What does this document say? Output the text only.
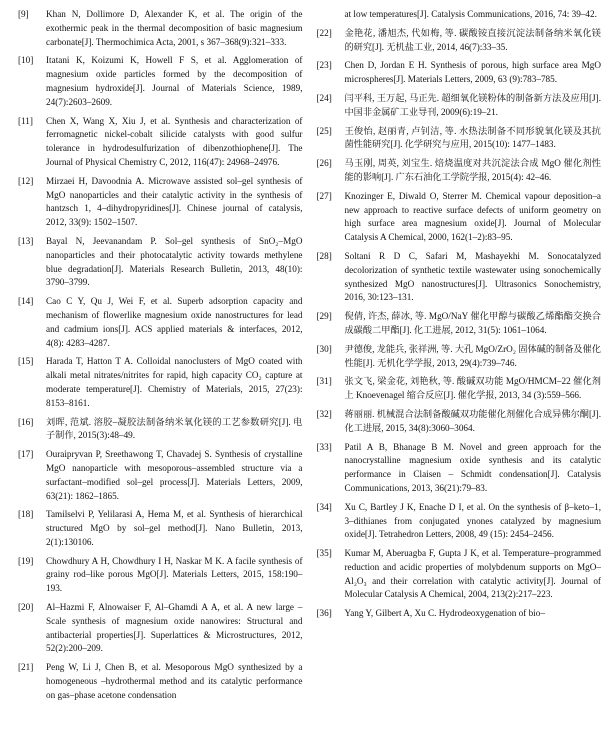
[9]	Khan N, Dollimore D, Alexander K, et al. The origin of the exothermic peak in the thermal decomposition of basic magnesium carbonate[J]. Thermochimica Acta, 2001, s 367–368(9):321–333.
[10]	Itatani K, Koizumi K, Howell F S, et al. Agglomeration of magnesium oxide particles formed by the decomposition of magnesium hydroxide[J]. Journal of Materials Science, 1989, 24(7):2603–2609.
[11]	Chen X, Wang X, Xiu J, et al. Synthesis and characterization of ferromagnetic nickel-cobalt silicide catalysts with good sulfur tolerance in hydrodesulfurization of dibenzothiophene[J]. The Journal of Physical Chemistry C, 2012, 116(47): 24968–24976.
[12]	Mirzaei H, Davoodnia A. Microwave assisted sol–gel synthesis of MgO nanoparticles and their catalytic activity in the synthesis of hantzsch 1, 4–dihydropyridines[J]. Chinese journal of catalysis, 2012, 33(9): 1502–1507.
[13]	Bayal N, Jeevanandam P. Sol–gel synthesis of SnO₂–MgO nanoparticles and their photocatalytic activity towards methylene blue degradation[J]. Materials Research Bulletin, 2013, 48(10): 3790–3799.
[14]	Cao C Y, Qu J, Wei F, et al. Superb adsorption capacity and mechanism of flowerlike magnesium oxide nanostructures for lead and cadmium ions[J]. ACS applied materials & interfaces, 2012, 4(8): 4283–4287.
[15]	Harada T, Hatton T A. Colloidal nanoclusters of MgO coated with alkali metal nitrates/nitrites for rapid, high capacity CO₂ capture at moderate temperature[J]. Chemistry of Materials, 2015, 27(23): 8153–8161.
[16]	刘晖, 范斌. 溶胶–凝胶法制备纳米氧化镁的工艺参数研究[J]. 电子制作, 2015(3):48–49.
[17]	Ouraipryvan P, Sreethawong T, Chavadej S. Synthesis of crystalline MgO nanoparticle with mesoporous–assembled structure via a surfactant–modified sol–gel process[J]. Materials Letters, 2009, 63(21): 1862–1865.
[18]	Tamilselvi P, Yelilarasi A, Hema M, et al. Synthesis of hierarchical structured MgO by sol–gel method[J]. Nano Bulletin, 2013, 2(1):130106.
[19]	Chowdhury A H, Chowdhury I H, Naskar M K. A facile synthesis of grainy rod–like porous MgO[J]. Materials Letters, 2015, 158:190–193.
[20]	Al–Hazmi F, Alnowaiser F, Al–Ghamdi A A, et al. A new large –Scale synthesis of magnesium oxide nanowires: Structural and antibacterial properties[J]. Superlattices & Microstructures, 2012, 52(2):200–209.
[21]	Peng W, Li J, Chen B, et al. Mesoporous MgO synthesized by a homogeneous –hydrothermal method and its catalytic performance on gas–phase acetone condensation
at low temperatures[J]. Catalysis Communications, 2016, 74: 39–42.
[22]	金艳花, 潘旭杰, 代如梅, 等. 碳酸铵直接沉淀法制备纳米氧化镁的研究[J]. 无机盐工业, 2014, 46(7):33–35.
[23]	Chen D, Jordan E H. Synthesis of porous, high surface area MgO microspheres[J]. Materials Letters, 2009, 63 (9):783–785.
[24]	闫平科, 王万起, 马正先. 超细氧化镁粉体的制备新方法及应用[J]. 中国非金属矿工业导刊, 2009(6):19–21.
[25]	王俊怡, 赵丽青, 卢钊洁, 等. 水热法制备不同形貌氧化镁及其抗菌性能研究[J]. 化学研究与应用, 2015(10): 1477–1483.
[26]	马玉刚, 周英, 刘宝生. 焙烧温度对共沉淀法合成 MgO 催化剂性能的影响[J]. 广东石油化工学院学报, 2015(4): 42–46.
[27]	Knozinger E, Diwald O, Sterrer M. Chemical vapour deposition–a new approach to reactive surface defects of uniform geometry on high surface area magnesium oxide[J]. Journal of Molecular Catalysis A Chemical, 2000, 162(1–2):83–95.
[28]	Soltani R D C, Safari M, Mashayekhi M. Sonocatalyzed decolorization of synthetic textile wastewater using sonochemically synthesized MgO nanostructures[J]. Ultrasonics Sonochemistry, 2016, 30:123–131.
[29]	倪倩, 许杰, 薛冰, 等. MgO/NaY 催化甲醇与碳酸乙烯酯酯交换合成碳酸二甲酯[J]. 化工进展, 2012, 31(5): 1061–1064.
[30]	尹德俊, 龙能兵, 张祥洲, 等. 大孔 MgO/ZrO₂ 固体碱的制备及催化性能[J]. 无机化学学报, 2013, 29(4):739–746.
[31]	张文飞, 梁金花, 刘艳秋, 等. 酸碱双功能 MgO/HMCM–22 催化剂上 Knoevenagel 缩合反应[J]. 催化学报, 2013, 34 (3):559–566.
[32]	蒋丽丽. 机械混合法制备酸碱双功能催化剂催化合成异佛尔酮[J]. 化工进展, 2015, 34(8):3060–3064.
[33]	Patil A B, Bhanage B M. Novel and green approach for the nanocrystalline magnesium oxide synthesis and its catalytic performance in Claisen – Schmidt condensation[J]. Catalysis Communications, 2013, 36(21):79–83.
[34]	Xu C, Bartley J K, Enache D I, et al. On the synthesis of β–keto–1, 3–dithianes from conjugated ynones catalyzed by magnesium oxide[J]. Tetrahedron Letters, 2008, 49 (15): 2454–2456.
[35]	Kumar M, Aberuagba F, Gupta J K, et al. Temperature–programmed reduction and acidic properties of molybdenum supports on MgO–Al₂O₃ and their correlation with catalytic activity[J]. Journal of Molecular Catalysis A Chemical, 2004, 213(2):217–223.
[36]	Yang Y, Gilbert A, Xu C. Hydrodeoxygenation of bio–
